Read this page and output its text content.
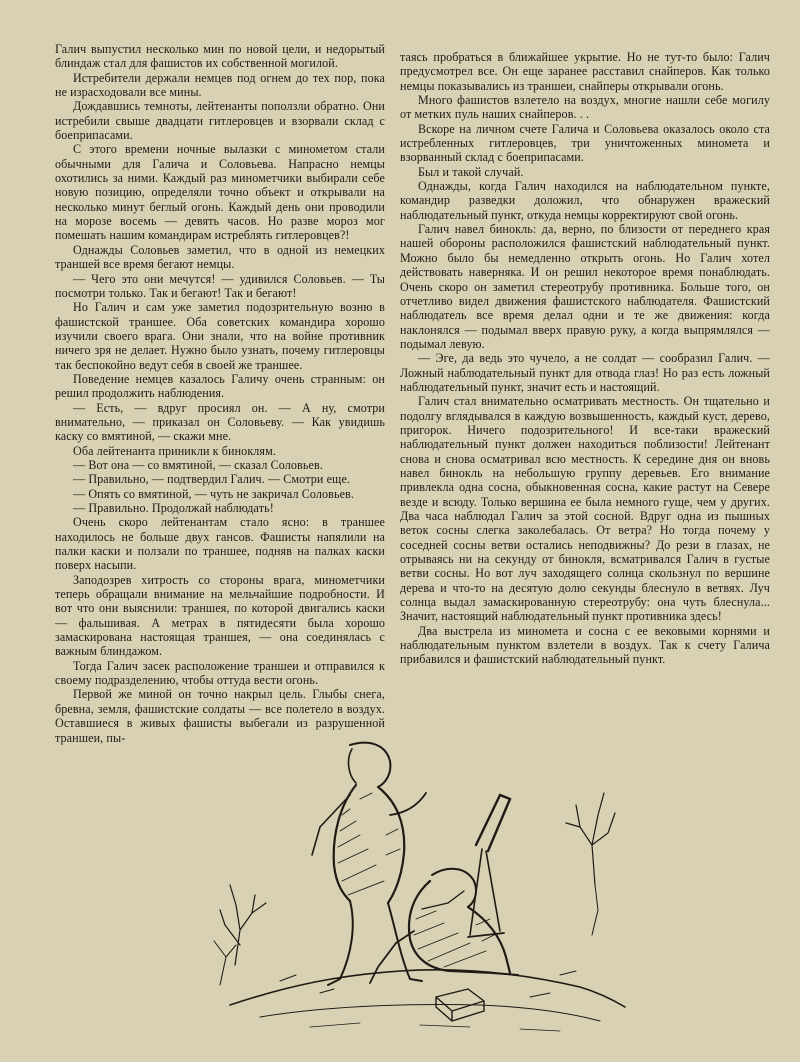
Галич выпустил несколько мин по новой цели, и недорытый блиндаж стал для фашистов их собственной могилой.

Истребители держали немцев под огнем до тех пор, пока не израсходовали все мины.

Дождавшись темноты, лейтенанты поползли обратно. Они истребили свыше двадцати гитлеровцев и взорвали склад с боеприпасами.

С этого времени ночные вылазки с минометом стали обычными для Галича и Соловьева. Напрасно немцы охотились за ними. Каждый раз минометчики выбирали себе новую позицию, определяли точно объект и открывали на несколько минут беглый огонь. Каждый день они проводили на морозе восемь — девять часов. Но разве мороз мог помешать нашим командирам истреблять гитлеровцев?!

Однажды Соловьев заметил, что в одной из немецких траншей все время бегают немцы.

— Чего это они мечутся! — удивился Соловьев. — Ты посмотри только. Так и бегают! Так и бегают!

Но Галич и сам уже заметил подозрительную возню в фашистской траншее. Оба советских командира хорошо изучили своего врага. Они знали, что на войне противник ничего зря не делает. Нужно было узнать, почему гитлеровцы так беспокойно ведут себя в своей же траншее.

Поведение немцев казалось Галичу очень странным: он решил продолжить наблюдения.

— Есть, — вдруг просиял он. — А ну, смотри внимательно, — приказал он Соловьеву. — Как увидишь каску со вмятиной, — скажи мне.

Оба лейтенанта приникли к биноклям.

— Вот она — со вмятиной, — сказал Соловьев.

— Правильно, — подтвердил Галич. — Смотри еще.

— Опять со вмятиной, — чуть не закричал Соловьев.

— Правильно. Продолжай наблюдать!

Очень скоро лейтенантам стало ясно: в траншее находилось не больше двух ганcов. Фашисты напялили на палки каски и ползали по траншее, подняв на палках каски поверх насыпи.

Заподозрев хитрость со стороны врага, минометчики теперь обращали внимание на мельчайшие подробности. И вот что они выяснили: траншея, по которой двигались каски — фальшивая. А метрах в пятидесяти была хорошо замаскирована настоящая траншея, — она соединялась с важным блиндажом.

Тогда Галич засек расположение траншеи и отправился к своему подразделению, чтобы оттуда вести огонь.

Первой же миной он точно накрыл цель. Глыбы снега, бревна, земля, фашистские солдаты — все полетело в воздух. Оставшиеся в живых фашисты выбегали из разрушенной траншеи, пы-

таясь пробраться в ближайшее укрытие. Но не тут-то было: Галич предусмотрел все. Он еще заранее расставил снайперов. Как только немцы показывались из траншеи, снайперы открывали огонь.

Много фашистов взлетело на воздух, многие нашли себе могилу от метких пуль наших снайперов. . .

Вскоре на личном счете Галича и Соловьева оказалось около ста истребленных гитлеровцев, три уничтоженных миномета и взорванный склад с боеприпасами.

Был и такой случай.

Однажды, когда Галич находился на наблюдательном пункте, командир разведки доложил, что обнаружен вражеский наблюдательный пункт, откуда немцы корректируют свой огонь.

Галич навел бинокль: да, верно, по близости от переднего края нашей обороны расположился фашистский наблюдательный пункт. Можно было бы немедленно открыть огонь. Но Галич хотел действовать наверняка. И он решил некоторое время понаблюдать. Очень скоро он заметил стереотрубу противника. Больше того, он отчетливо видел движения фашистского наблюдателя. Фашистский наблюдатель все время делал одни и те же движения: когда наклонялся — подымал вверх правую руку, а когда выпрямлялся — подымал левую.

— Эге, да ведь это чучело, а не солдат — сообразил Галич. — Ложный наблюдательный пункт для отвода глаз! Но раз есть ложный наблюдательный пункт, значит есть и настоящий.

Галич стал внимательно осматривать местность. Он тщательно и подолгу вглядывался в каждую возвышенность, каждый куст, дерево, пригорок. Ничего подозрительного! И все-таки вражеский наблюдательный пункт должен находиться поблизости! Лейтенант снова и снова осматривал всю местность. К середине дня он вновь навел бинокль на небольшую группу деревьев. Его внимание привлекла одна сосна, обыкновенная сосна, какие растут на Севере везде и всюду. Только вершина ее была немного гуще, чем у других. Два часа наблюдал Галич за этой сосной. Вдруг одна из пышных веток сосны слегка заколебалась. От ветра? Но тогда почему у соседней сосны ветви остались неподвижны? До рези в глазах, не отрываясь ни на секунду от бинокля, всматривался Галич в густые ветви сосны. Но вот луч заходящего солнца скользнул по вершине дерева и что-то на десятую долю секунды блеснуло в ветвях. Луч солнца выдал замаскированную стереотрубу: она чуть блеснула... Значит, настоящий наблюдательный пункт противника здесь!

Два выстрела из миномета и сосна с ее вековыми корнями и наблюдательным пунктом взлетели в воздух. Так к счету Галича прибавился и фашистский наблюдательный пункт.
